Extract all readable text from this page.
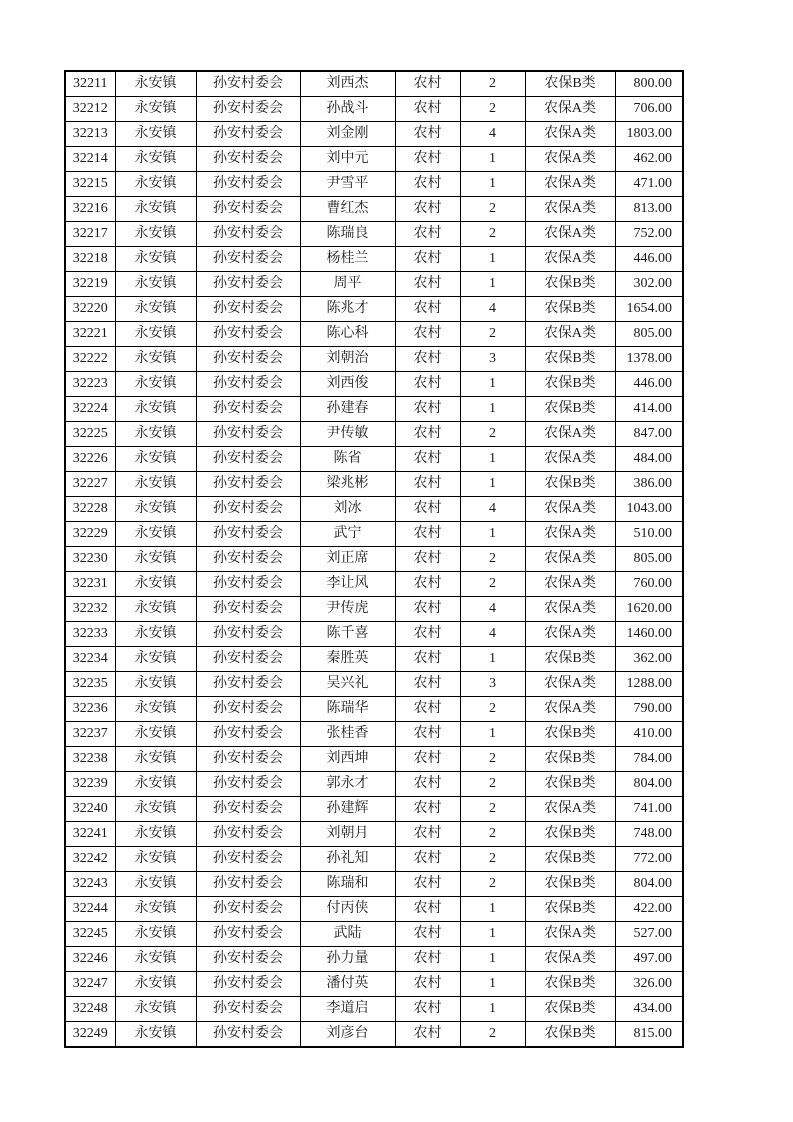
32211	永安镇	孙安村委会	刘西杰	农村	2	农保B类	800.00
32212	永安镇	孙安村委会	孙战斗	农村	2	农保A类	706.00
32213	永安镇	孙安村委会	刘金刚	农村	4	农保A类	1803.00
32214	永安镇	孙安村委会	刘中元	农村	1	农保A类	462.00
32215	永安镇	孙安村委会	尹雪平	农村	1	农保A类	471.00
32216	永安镇	孙安村委会	曹红杰	农村	2	农保A类	813.00
32217	永安镇	孙安村委会	陈瑞良	农村	2	农保A类	752.00
32218	永安镇	孙安村委会	杨桂兰	农村	1	农保A类	446.00
32219	永安镇	孙安村委会	周平	农村	1	农保B类	302.00
32220	永安镇	孙安村委会	陈兆才	农村	4	农保B类	1654.00
32221	永安镇	孙安村委会	陈心科	农村	2	农保A类	805.00
32222	永安镇	孙安村委会	刘朝治	农村	3	农保B类	1378.00
32223	永安镇	孙安村委会	刘西俊	农村	1	农保B类	446.00
32224	永安镇	孙安村委会	孙建春	农村	1	农保B类	414.00
32225	永安镇	孙安村委会	尹传敏	农村	2	农保A类	847.00
32226	永安镇	孙安村委会	陈省	农村	1	农保A类	484.00
32227	永安镇	孙安村委会	梁兆彬	农村	1	农保B类	386.00
32228	永安镇	孙安村委会	刘冰	农村	4	农保A类	1043.00
32229	永安镇	孙安村委会	武宁	农村	1	农保A类	510.00
32230	永安镇	孙安村委会	刘正席	农村	2	农保A类	805.00
32231	永安镇	孙安村委会	李让风	农村	2	农保A类	760.00
32232	永安镇	孙安村委会	尹传虎	农村	4	农保A类	1620.00
32233	永安镇	孙安村委会	陈千喜	农村	4	农保A类	1460.00
32234	永安镇	孙安村委会	秦胜英	农村	1	农保B类	362.00
32235	永安镇	孙安村委会	吴兴礼	农村	3	农保A类	1288.00
32236	永安镇	孙安村委会	陈瑞华	农村	2	农保A类	790.00
32237	永安镇	孙安村委会	张桂香	农村	1	农保B类	410.00
32238	永安镇	孙安村委会	刘西坤	农村	2	农保B类	784.00
32239	永安镇	孙安村委会	郭永才	农村	2	农保B类	804.00
32240	永安镇	孙安村委会	孙建辉	农村	2	农保A类	741.00
32241	永安镇	孙安村委会	刘朝月	农村	2	农保B类	748.00
32242	永安镇	孙安村委会	孙礼知	农村	2	农保B类	772.00
32243	永安镇	孙安村委会	陈瑞和	农村	2	农保B类	804.00
32244	永安镇	孙安村委会	付丙侠	农村	1	农保B类	422.00
32245	永安镇	孙安村委会	武陆	农村	1	农保A类	527.00
32246	永安镇	孙安村委会	孙力量	农村	1	农保A类	497.00
32247	永安镇	孙安村委会	潘付英	农村	1	农保B类	326.00
32248	永安镇	孙安村委会	李道启	农村	1	农保B类	434.00
32249	永安镇	孙安村委会	刘彦台	农村	2	农保B类	815.00
